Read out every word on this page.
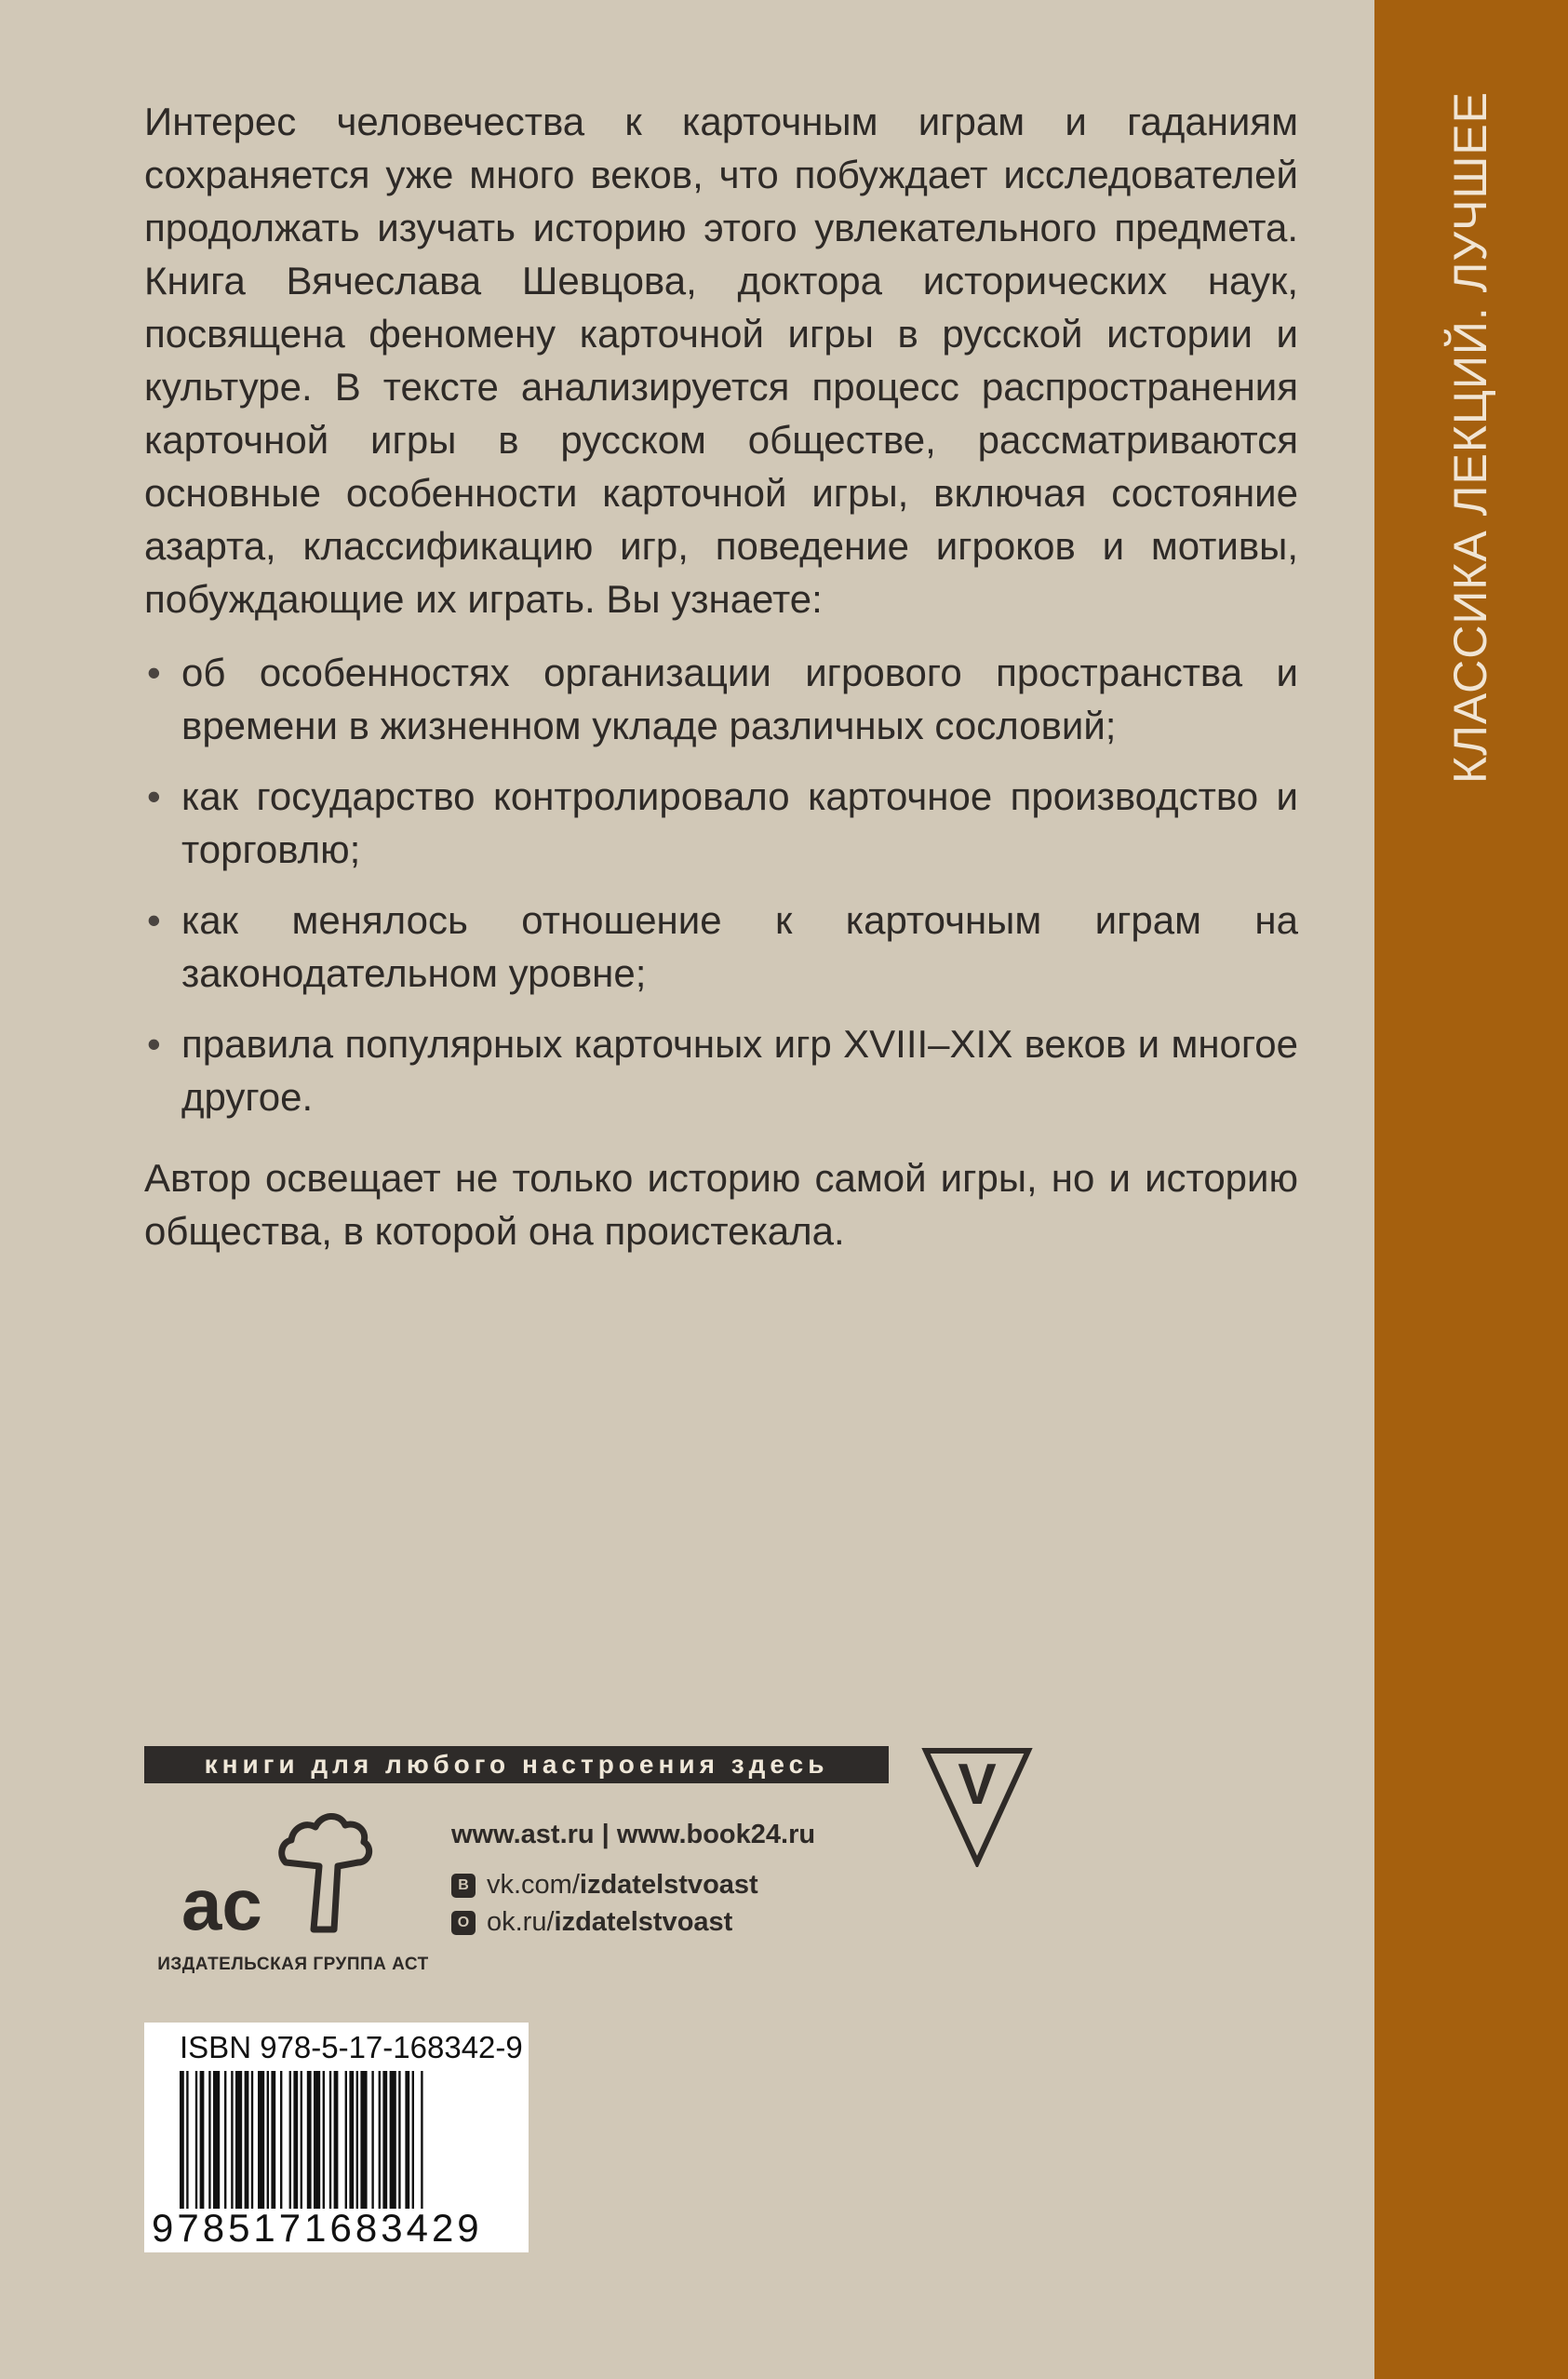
КЛАССИКА ЛЕКЦИЙ. ЛУЧШЕЕ

Интерес человечества к карточным играм и гаданиям сохраняется уже много веков, что побуждает исследователей продолжать изучать историю этого увлекательного предмета. Книга Вячеслава Шевцова, доктора исторических наук, посвящена феномену карточной игры в русской истории и культуре. В тексте анализируется процесс распространения карточной игры в русском обществе, рассматриваются основные особенности карточной игры, включая состояние азарта, классификацию игр, поведение игроков и мотивы, побуждающие их играть. Вы узнаете:

• об особенностях организации игрового пространства и времени в жизненном укладе различных сословий;
• как государство контролировало карточное производство и торговлю;
• как менялось отношение к карточным играм на законодательном уровне;
• правила популярных карточных игр XVIII–XIX веков и многое другое.

Автор освещает не только историю самой игры, но и историю общества, в которой она проистекала.

книги для любого настроения здесь	V
ac
ИЗДАТЕЛЬСКАЯ ГРУППА АСТ
www.ast.ru | www.book24.ru
В vk.com/ izdatelstvoast
О ok.ru/ izdatelstvoast
ISBN 978-5-17-168342-9
9785171683429
